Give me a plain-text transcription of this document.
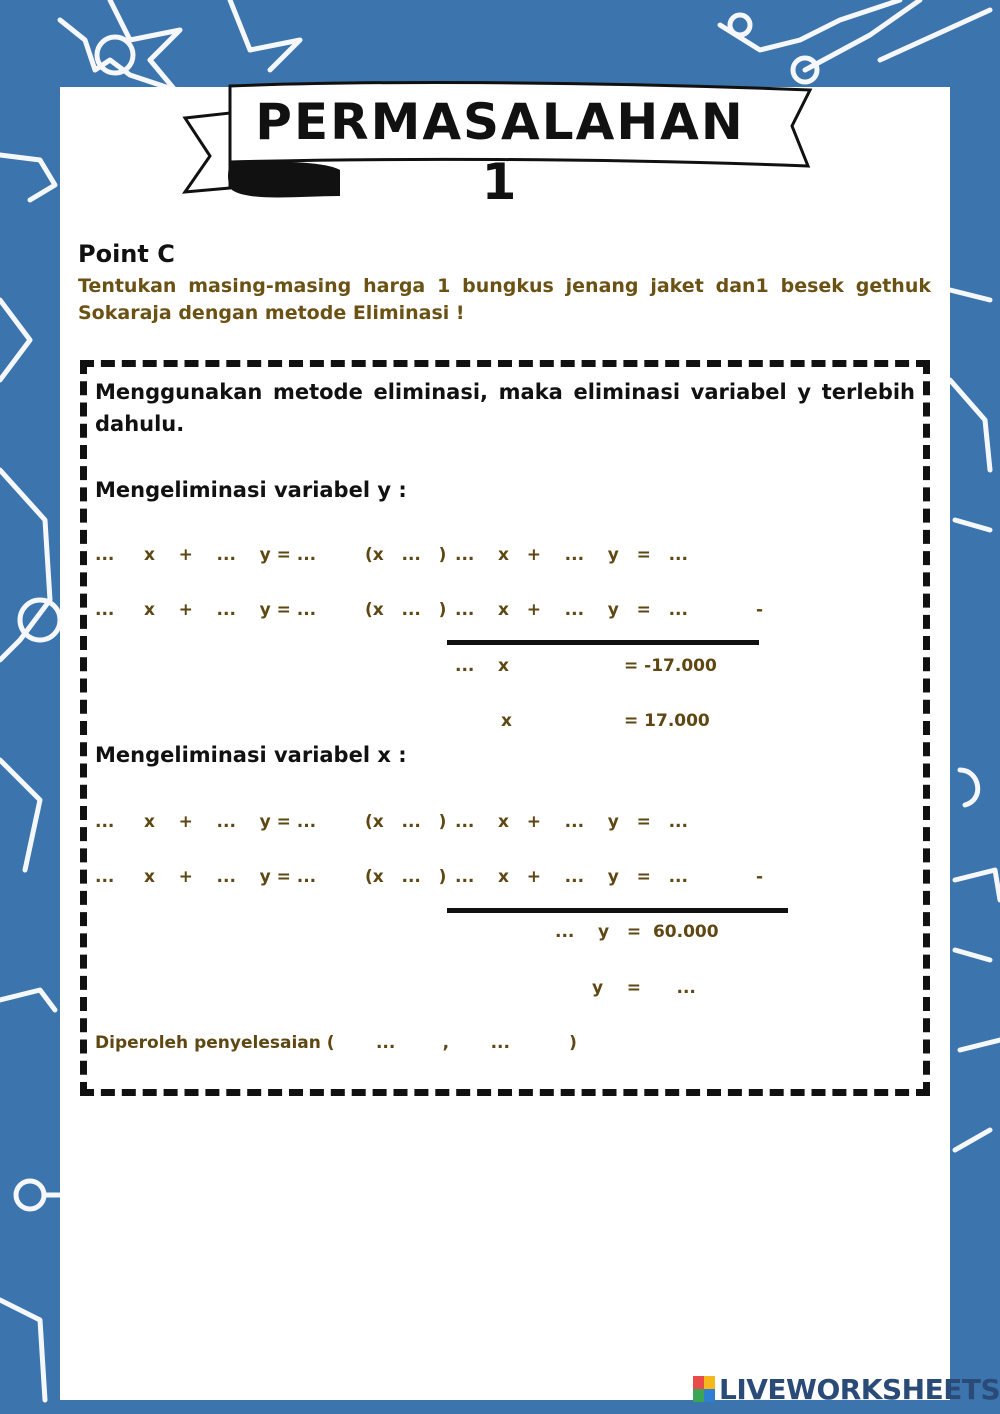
PERMASALAHAN 1
Point C
Tentukan masing-masing harga 1 bungkus jenang jaket dan1 besek gethuk Sokaraja dengan metode Eliminasi !
Menggunakan metode eliminasi, maka eliminasi variabel y terlebih dahulu.
Mengeliminasi variabel y :
...     x    +    ...    y = ...	(x   ...   ) ...    x   +    ...    y   =   ...
...     x    +    ...    y = ...	(x   ...   ) ...    x   +    ...    y   =   ...	-
...    x	= -17.000
x	= 17.000
Mengeliminasi variabel x :
...     x    +    ...    y = ...	(x   ...   ) ...    x   +    ...    y   =   ...
...     x    +    ...    y = ...	(x   ...   ) ...    x   +    ...    y   =   ...	-
...    y   =  60.000
y    =      ...
Diperoleh penyelesaian (       ...        ,       ...          )
LIVEWORKSHEETS
